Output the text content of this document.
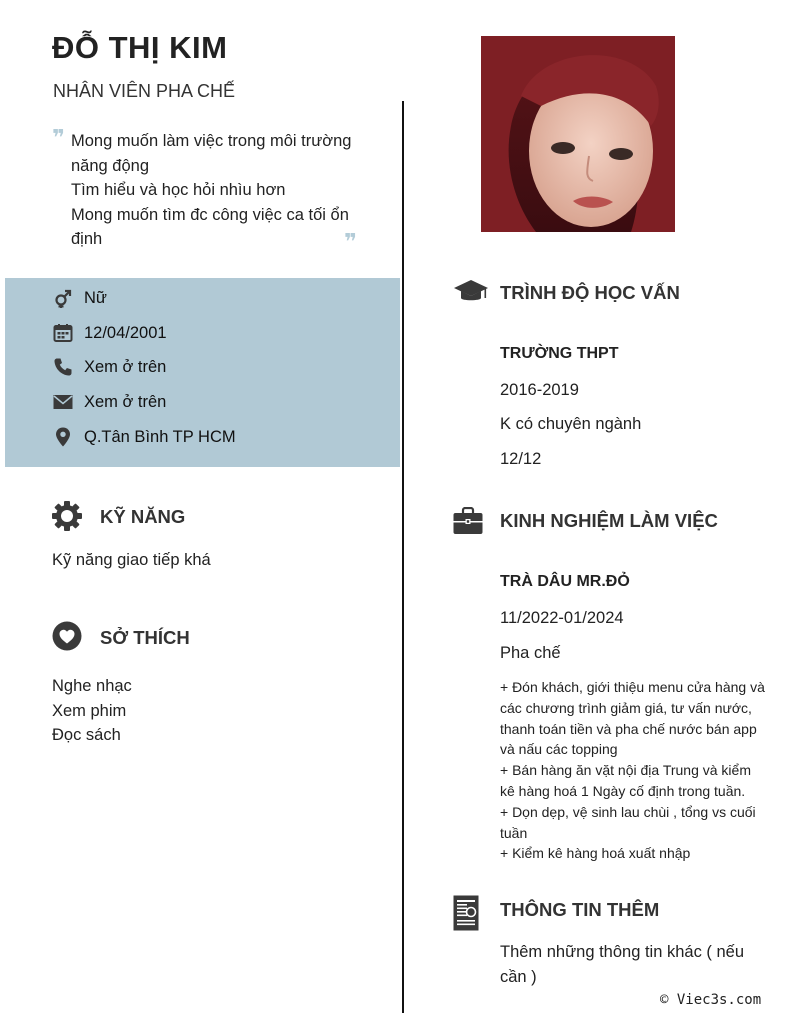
ĐỖ THỊ KIM
NHÂN VIÊN PHA CHẾ
❞ Mong muốn làm việc trong môi trường năng động
Tìm hiểu và học hỏi nhìu hơn
Mong muốn tìm đc công việc ca tối ổn định	❞
Nữ
12/04/2001
Xem ở trên
Xem ở trên
Q.Tân Bình TP HCM
KỸ NĂNG
Kỹ năng giao tiếp khá
SỞ THÍCH
Nghe nhạc
Xem phim
Đọc sách
TRÌNH ĐỘ HỌC VẤN
TRƯỜNG THPT
2016-2019
K có chuyên ngành
12/12
KINH NGHIỆM LÀM VIỆC
TRÀ DÂU MR.ĐỎ
11/2022-01/2024
Pha chế
+ Đón khách, giới thiệu menu cửa hàng và các chương trình giảm giá, tư vấn nước, thanh toán tiền và pha chế nước bán app và nấu các topping
+ Bán hàng ăn vặt nội địa Trung và kiểm kê hàng hoá 1 Ngày cố định trong tuần.
+ Dọn dẹp, vệ sinh lau chùi , tổng vs cuối tuần
+ Kiểm kê hàng hoá xuất nhập
THÔNG TIN THÊM
Thêm những thông tin khác ( nếu cần )
© Viec3s.com
